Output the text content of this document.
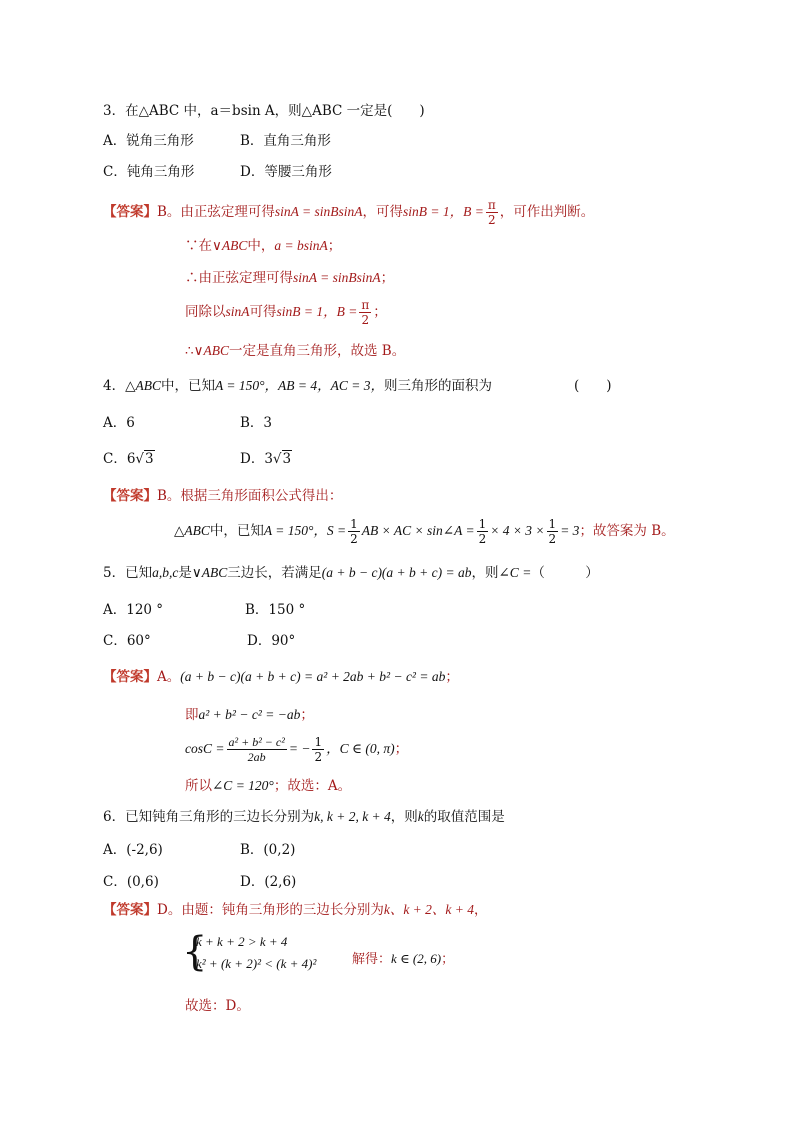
3．在△ABC 中，a＝bsin A，则△ABC 一定是(　　)
A．锐角三角形	B．直角三角形
C．钝角三角形	D．等腰三角形
【答案】B。由正弦定理可得sinA = sinBsinA，可得sinB = 1，$B = \frac{\pi}{2}$ ，可作出判断。
∵在∨ABC中，a = bsinA；
∴由正弦定理可得sinA = sinBsinA；
同除以sinA可得sinB = 1，$B = \frac{\pi}{2}$ ；
∴∨ABC一定是直角三角形，故选 B。
4．△ABC中，已知A = 150°，AB = 4，AC = 3，则三角形的面积为	(　　)
A．6	B．3
C．6√3	D．3√3
【答案】B。根据三角形面积公式得出：
△ABC中，已知A = 150°，$S = \frac{1}{2}$ AB × AC × sin∠A = $\frac{1}{2} \times 4 \times 3 \times \frac{1}{2} = 3$；故答案为 B。
5．已知a,b,c是∨ABC三边长，若满足(a + b − c)(a + b + c) = ab，则∠C =（　　　）
A．120 °	B．150 °
C．60°	D．90°
【答案】A。(a + b − c)(a + b + c) = a² + 2ab + b² − c² = ab；
即a² + b² − c² = −ab；
$\cos C = \frac{\text{a² + b² − c²}}{2ab}$ = − $\frac{1}{2}$ ，C ∈ (0, π)；
所以∠C = 120°；故选：A。
6．已知钝角三角形的三边长分别为k, k + 2, k + 4，则k的取值范围是
A．(-2,6)	B．(0,2)
C．(0,6)	D．(2,6)
【答案】D。由题：钝角三角形的三边长分别为k、k + 2、k + 4，
{
k + k + 2 > k + 4
k² + (k + 2)² < (k + 4)²	解得：k ∈ (2, 6)；
故选：D。
